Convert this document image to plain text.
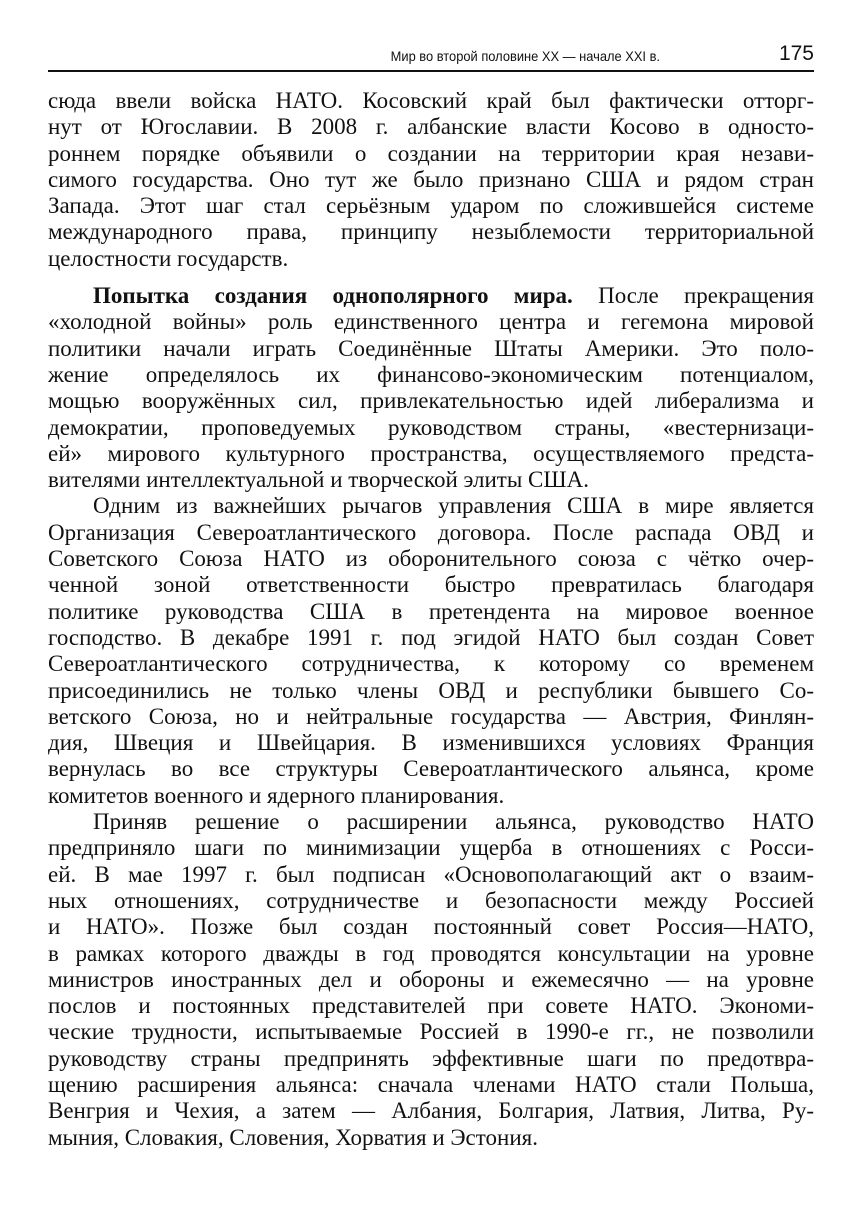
Мир во второй половине XX — начале XXI в.	175
сюда ввели войска НАТО. Косовский край был фактически отторг-
нут от Югославии. В 2008 г. албанские власти Косово в односто-
роннем порядке объявили о создании на территории края незави-
симого государства. Оно тут же было признано США и рядом стран
Запада. Этот шаг стал серьёзным ударом по сложившейся системе
международного права, принципу незыблемости территориальной
целостности государств.
Попытка создания однополярного мира. После прекращения
«холодной войны» роль единственного центра и гегемона мировой
политики начали играть Соединённые Штаты Америки. Это поло-
жение определялось их финансово-экономическим потенциалом,
мощью вооружённых сил, привлекательностью идей либерализма и
демократии, проповедуемых руководством страны, «вестернизаци-
ей» мирового культурного пространства, осуществляемого предста-
вителями интеллектуальной и творческой элиты США.
Одним из важнейших рычагов управления США в мире является
Организация Североатлантического договора. После распада ОВД и
Советского Союза НАТО из оборонительного союза с чётко очер-
ченной зоной ответственности быстро превратилась благодаря
политике руководства США в претендента на мировое военное
господство. В декабре 1991 г. под эгидой НАТО был создан Совет
Североатлантического сотрудничества, к которому со временем
присоединились не только члены ОВД и республики бывшего Со-
ветского Союза, но и нейтральные государства — Австрия, Финлян-
дия, Швеция и Швейцария. В изменившихся условиях Франция
вернулась во все структуры Североатлантического альянса, кроме
комитетов военного и ядерного планирования.
Приняв решение о расширении альянса, руководство НАТО
предприняло шаги по минимизации ущерба в отношениях с Росси-
ей. В мае 1997 г. был подписан «Основополагающий акт о взаим-
ных отношениях, сотрудничестве и безопасности между Россией
и НАТО». Позже был создан постоянный совет Россия—НАТО,
в рамках которого дважды в год проводятся консультации на уровне
министров иностранных дел и обороны и ежемесячно — на уровне
послов и постоянных представителей при совете НАТО. Экономи-
ческие трудности, испытываемые Россией в 1990-е гг., не позволили
руководству страны предпринять эффективные шаги по предотвра-
щению расширения альянса: сначала членами НАТО стали Польша,
Венгрия и Чехия, а затем — Албания, Болгария, Латвия, Литва, Ру-
мыния, Словакия, Словения, Хорватия и Эстония.
